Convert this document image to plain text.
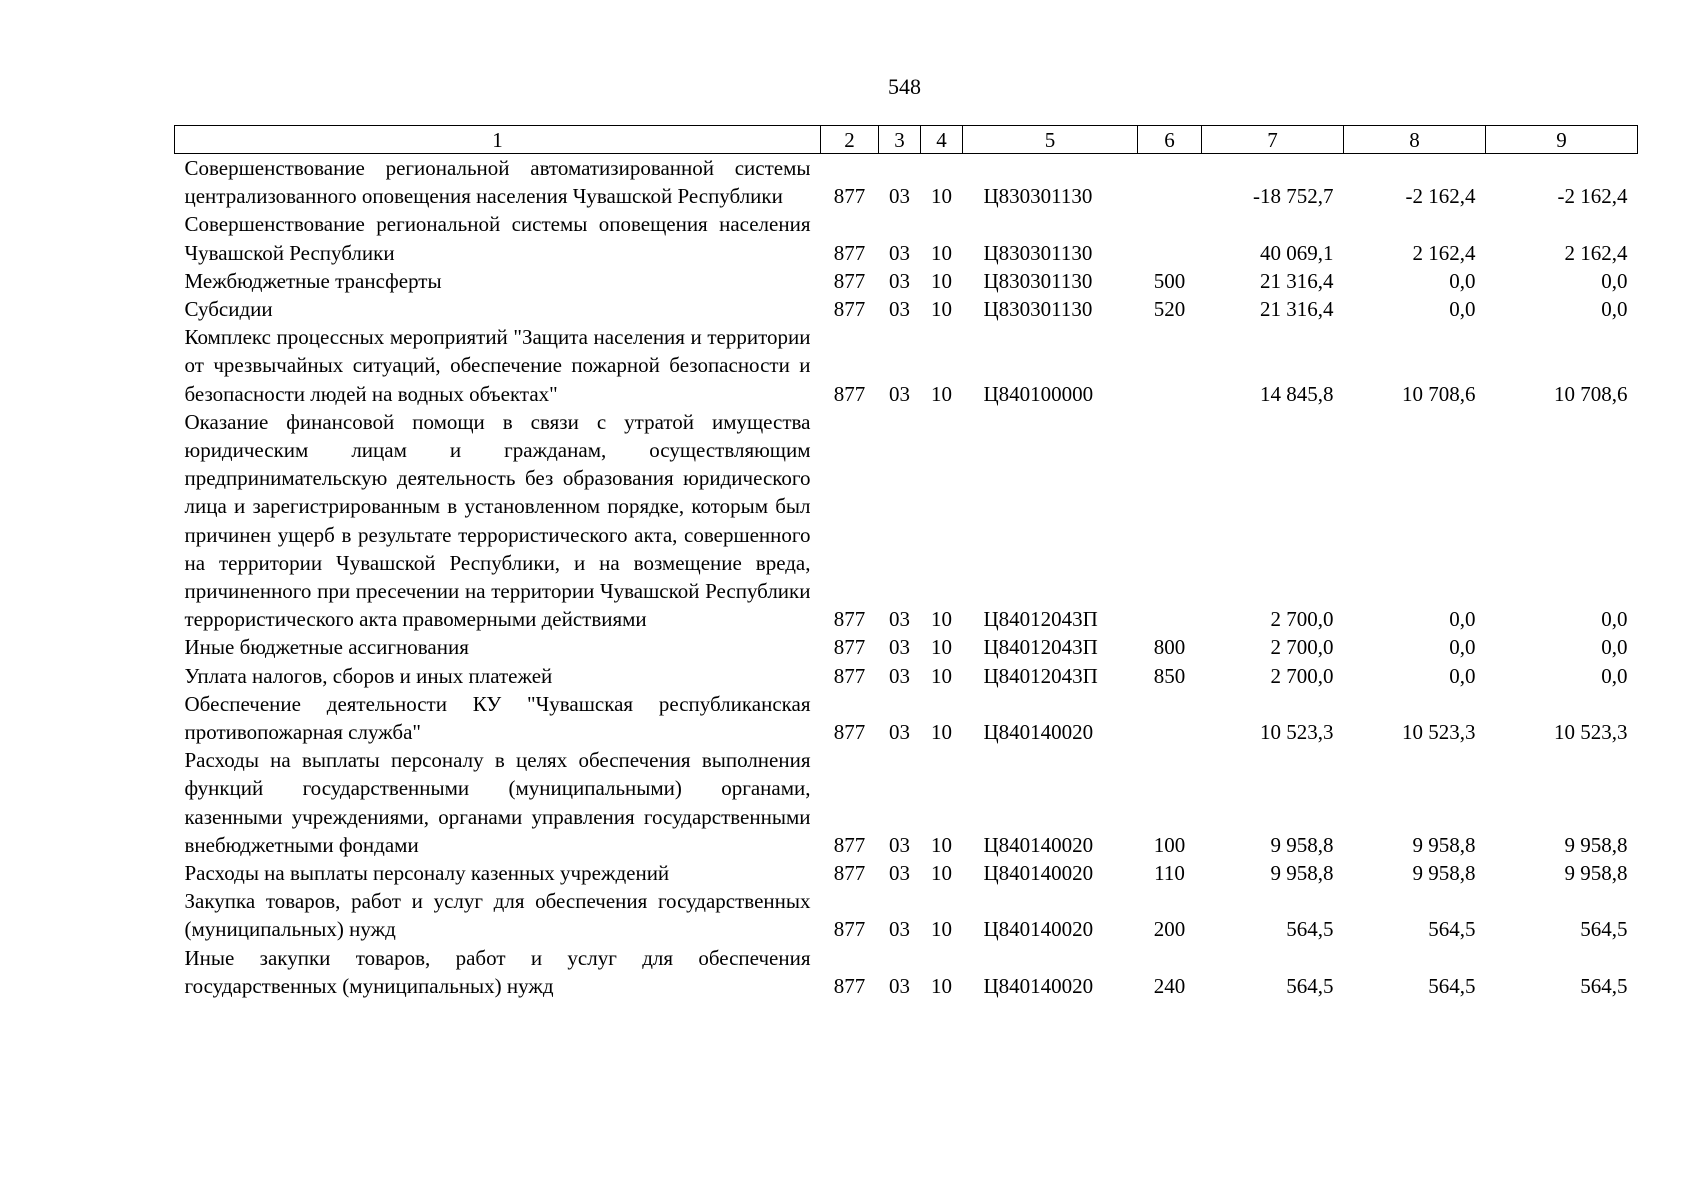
548
1	2	3	4	5	6	7	8	9
Совершенствование региональной автоматизированной системы централизованного оповещения населения Чувашской Республики	877	03	10	Ц830301130		-18 752,7	-2 162,4	-2 162,4
Совершенствование региональной системы оповещения населения Чувашской Республики	877	03	10	Ц830301130		40 069,1	2 162,4	2 162,4
Межбюджетные трансферты	877	03	10	Ц830301130	500	21 316,4	0,0	0,0
Субсидии	877	03	10	Ц830301130	520	21 316,4	0,0	0,0
Комплекс процессных мероприятий "Защита населения и территории от чрезвычайных ситуаций, обеспечение пожарной безопасности и безопасности людей на водных объектах"	877	03	10	Ц840100000		14 845,8	10 708,6	10 708,6
Оказание финансовой помощи в связи с утратой имущества юридическим лицам и гражданам, осуществляющим предпринимательскую деятельность без образования юридического лица и зарегистрированным в установленном порядке, которым был причинен ущерб в результате террористического акта, совершенного на территории Чувашской Республики, и на возмещение вреда, причиненного при пресечении на территории Чувашской Республики террористического акта правомерными действиями	877	03	10	Ц84012043П		2 700,0	0,0	0,0
Иные бюджетные ассигнования	877	03	10	Ц84012043П	800	2 700,0	0,0	0,0
Уплата налогов, сборов и иных платежей	877	03	10	Ц84012043П	850	2 700,0	0,0	0,0
Обеспечение деятельности КУ "Чувашская республиканская противопожарная служба"	877	03	10	Ц840140020		10 523,3	10 523,3	10 523,3
Расходы на выплаты персоналу в целях обеспечения выполнения функций государственными (муниципальными) органами, казенными учреждениями, органами управления государственными внебюджетными фондами	877	03	10	Ц840140020	100	9 958,8	9 958,8	9 958,8
Расходы на выплаты персоналу казенных учреждений	877	03	10	Ц840140020	110	9 958,8	9 958,8	9 958,8
Закупка товаров, работ и услуг для обеспечения государственных (муниципальных) нужд	877	03	10	Ц840140020	200	564,5	564,5	564,5
Иные закупки товаров, работ и услуг для обеспечения государственных (муниципальных) нужд	877	03	10	Ц840140020	240	564,5	564,5	564,5
